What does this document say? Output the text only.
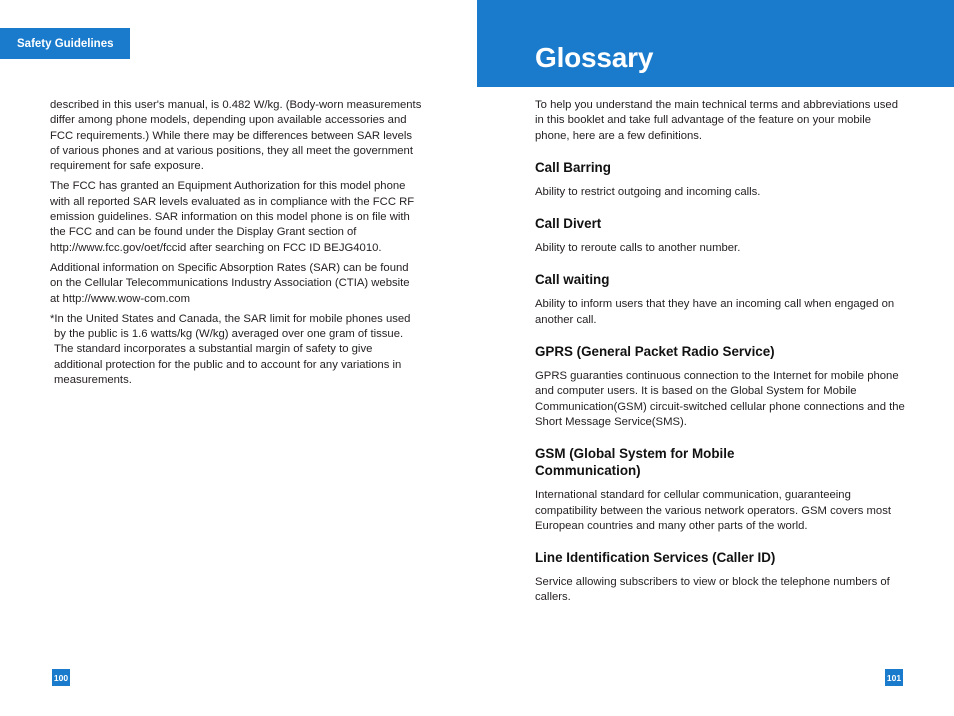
Safety Guidelines

described in this user's manual, is 0.482 W/kg. (Body-worn measurements differ among phone models, depending upon available accessories and FCC requirements.) While there may be differences between SAR levels of various phones and at various positions, they all meet the government requirement for safe exposure.

The FCC has granted an Equipment Authorization for this model phone with all reported SAR levels evaluated as in compliance with the FCC RF emission guidelines. SAR information on this model phone is on file with the FCC and can be found under the Display Grant section of http://www.fcc.gov/oet/fccid after searching on FCC ID BEJG4010.

Additional information on Specific Absorption Rates (SAR) can be found on the Cellular Telecommunications Industry Association (CTIA) website at http://www.wow-com.com

*In the United States and Canada, the SAR limit for mobile phones used by the public is 1.6 watts/kg (W/kg) averaged over one gram of tissue. The standard incorporates a substantial margin of safety to give additional protection for the public and to account for any variations in measurements.

100
Glossary

To help you understand the main technical terms and abbreviations used in this booklet and take full advantage of the feature on your mobile phone, here are a few definitions.

Call Barring

Ability to restrict outgoing and incoming calls.

Call Divert

Ability to reroute calls to another number.

Call waiting

Ability to inform users that they have an incoming call when engaged on another call.

GPRS (General Packet Radio Service)

GPRS guaranties continuous connection to the Internet for mobile phone and computer users. It is based on the Global System for Mobile Communication(GSM) circuit-switched cellular phone connections and the Short Message Service(SMS).

GSM (Global System for Mobile Communication)

International standard for cellular communication, guaranteeing compatibility between the various network operators. GSM covers most European countries and many other parts of the world.

Line Identification Services (Caller ID)

Service allowing subscribers to view or block the telephone numbers of callers.

101
